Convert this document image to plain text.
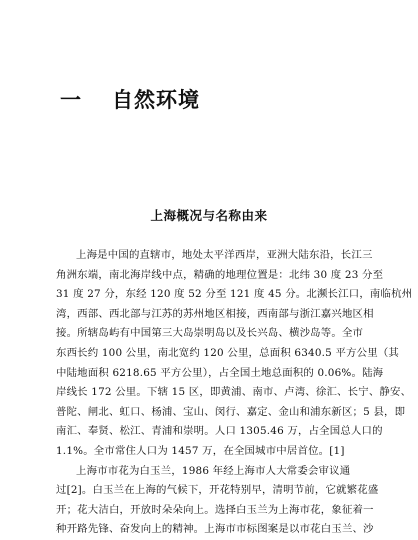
一 自然环境
上海概况与名称由来
上海是中国的直辖市，地处太平洋西岸，亚洲大陆东沿，长江三
角洲东端，南北海岸线中点，精确的地理位置是：北纬 30 度 23 分至
31 度 27 分，东经 120 度 52 分至 121 度 45 分。北濒长江口，南临杭州
湾，西部、西北部与江苏的苏州地区相接，西南部与浙江嘉兴地区相
接。所辖岛屿有中国第三大岛崇明岛以及长兴岛、横沙岛等。全市
东西长约 100 公里，南北宽约 120 公里，总面积 6340.5 平方公里（其
中陆地面积 6218.65 平方公里），占全国土地总面积的 0.06%。陆海
岸线长 172 公里。下辖 15 区，即黄浦、南市、卢湾、徐汇、长宁、静安、
普陀、闸北、虹口、杨浦、宝山、闵行、嘉定、金山和浦东新区；5 县，即
南汇、奉贤、松江、青浦和崇明。人口 1305.46 万，占全国总人口的
1.1%。全市常住人口为 1457 万，在全国城市中居首位。[1]
上海市市花为白玉兰，1986 年经上海市人大常委会审议通
过[2]。白玉兰在上海的气候下，开花特别早，清明节前，它就繁花盛
开；花大洁白，开放时朵朵向上。选择白玉兰为上海市花，象征着一
种开路先锋、奋发向上的精神。上海市市标图案是以市花白玉兰、沙
